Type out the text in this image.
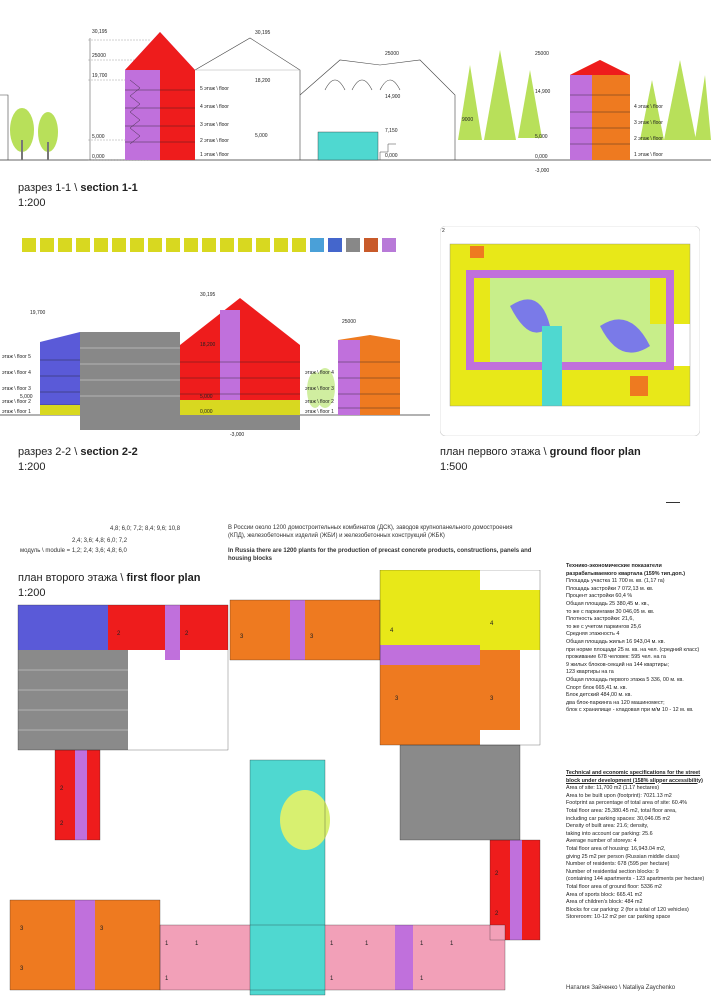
5 этаж \ floor
4 этаж \ floor
3 этаж \ floor
2 этаж \ floor
1 этаж \ floor
4 этаж \ floor
3 этаж \ floor
2 этаж \ floor
1 этаж \ floor
30,195
25000
19,700
5,000
0,000
30,195
18,200
5,000
25000
14,900
7,150
0,000
25000
14,900
9000
5,000
0,000
-3,000
разрез 1-1 \ section 1-1
1:200
30,195
19,700
18,200
25000
5,000	5,000
0,000
-3,000
этаж \ floor 5
этаж \ floor 4
этаж \ floor 3
этаж \ floor 2
этаж \ floor 1
этаж \ floor 4
этаж \ floor 3
этаж \ floor 2
этаж \ floor 1
разрез 2-2 \ section 2-2
1:200
2
план первого этажа \ ground floor plan
1:500
4,8; 6,0; 7,2; 8,4; 9,6; 10,8
2,4; 3,6; 4,8; 6,0; 7,2
модуль \ module = 1,2; 2,4; 3,6; 4,8; 6,0
В России около 1200 домостроительных комбинатов (ДСК), заводов крупнопанельного домостроения (КПД), железобетонных изделий (ЖБИ) и железобетонных конструкций (ЖБК)
In Russia there are 1200 plants for the production of precast concrete products, constructions, panels and housing blocks
план второго этажа \ first floor plan
1:200
2	2	3	3
4
4
3	3
2
2
2
2
3	3
3
1	1	1	1	1	1
1	1	1
Технико-экономические показатели разрабатываемого квартала (159% тип.доп.)
Площадь участка 11 700 м. кв. (1,17 га)
Площадь застройки 7 072,13 м. кв.
Процент застройки 60,4 %
Общая площадь 25 380,45 м. кв.,
то же с паркингами 30 046,05 м. кв.
Плотность застройки: 21,6,
то же с учетом паркингов 25,6
Средняя этажность 4
Общая площадь жилья 16 943,04 м. кв.
при норме площади 25 м. кв. на чел. (средний класс)
проживание 678 человек: 595 чел. на га
9 жилых блоков-секций на 144 квартиры;
123 квартиры на га
Общая площадь первого этажа 5 336, 00 м. кв.
Спорт блок 665,41 м. кв.
Блок детский 484,00 м. кв.
два блок-паркинга на 120 машиномест;
блок с хранилище - кладовая при м/м 10 - 12 м. кв.
Technical and economic specifications for the street block under development (158% slipper accessibility)
Area of site: 11,700 m2 (1.17 hectares)
Area to be built upon (footprint): 7021.13 m2
Footprint as percentage of total area of site: 60.4%
Total floor area: 25,380.45 m2, total floor area,
including car parking spaces: 30,046.05 m2
Density of built area: 21.6; density,
taking into account car parking: 25.6
Average number of storeys: 4
Total floor area of housing: 16,943.04 m2,
giving 25 m2 per person (Russian middle class)
Number of residents: 678 (595 per hectare)
Number of residential section blocks: 9
(containing 144 apartments - 123 apartments per hectare)
Total floor area of ground floor: 5336 m2
Area of sports block: 665.41 m2
Area of children's block: 484 m2
Blocks for car parking: 2 (for a total of 120 vehicles)
Storeroom: 10-12 m2 per car parking space
Наталия Зайченко \ Nataliya Zaychenko
